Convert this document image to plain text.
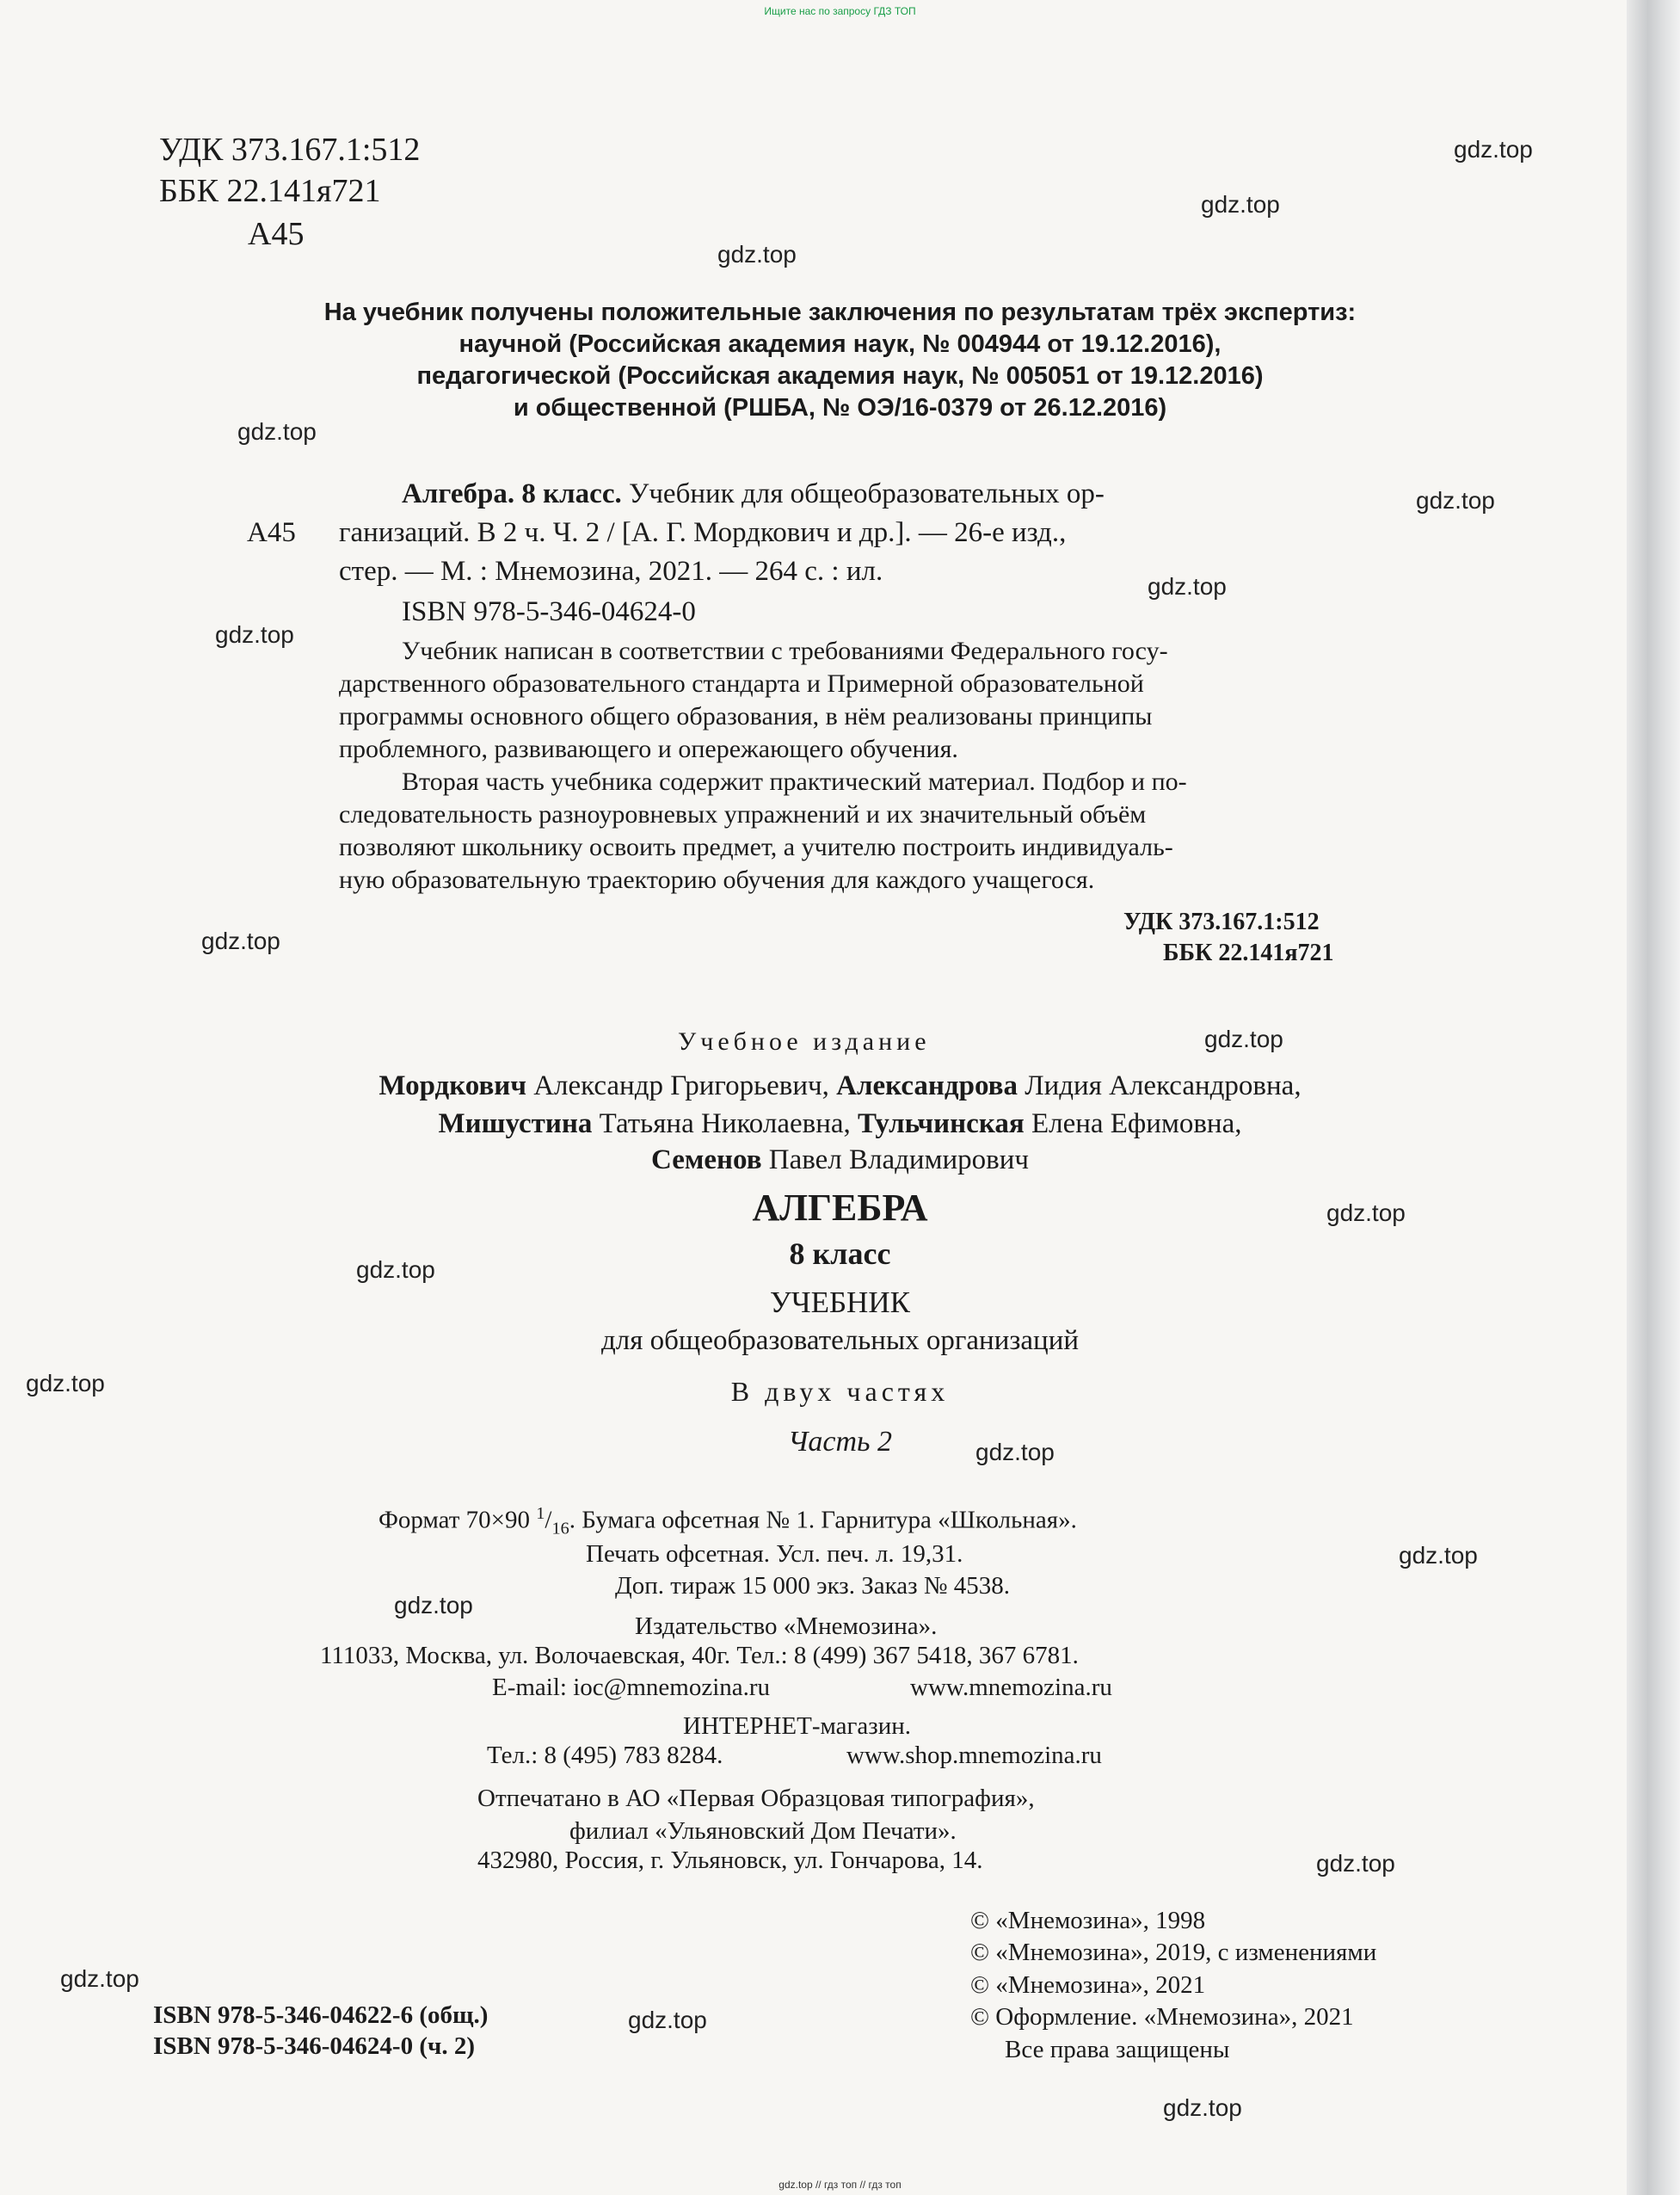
Ищите нас по запросу ГДЗ ТОП
УДК 373.167.1:512
ББК 22.141я721
А45
На учебник получены положительные заключения по результатам трёх экспертиз:
научной (Российская академия наук, № 004944 от 19.12.2016),
педагогической (Российская академия наук, № 005051 от 19.12.2016)
и общественной (РШБА, № ОЭ/16-0379 от 26.12.2016)
А45
Алгебра. 8 класс. Учебник для общеобразовательных ор-
ганизаций. В 2 ч. Ч. 2 / [А. Г. Мордкович и др.]. — 26-е изд.,
стер. — М. : Мнемозина, 2021. — 264 с. : ил.
ISBN 978-5-346-04624-0
Учебник написан в соответствии с требованиями Федерального госу-
дарственного образовательного стандарта и Примерной образовательной
программы основного общего образования, в нём реализованы принципы
проблемного, развивающего и опережающего обучения.
Вторая часть учебника содержит практический материал. Подбор и по-
следовательность разноуровневых упражнений и их значительный объём
позволяют школьнику освоить предмет, а учителю построить индивидуаль-
ную образовательную траекторию обучения для каждого учащегося.
УДК 373.167.1:512
ББК 22.141я721
Учебное издание
Мордкович Александр Григорьевич, Александрова Лидия Александровна,
Мишустина Татьяна Николаевна, Тульчинская Елена Ефимовна,
Семенов Павел Владимирович
АЛГЕБРА
8 класс
УЧЕБНИК
для общеобразовательных организаций
В двух частях
Часть 2
Формат 70×90 $^1/_{16}$. Бумага офсетная № 1. Гарнитура «Школьная».
Печать офсетная. Усл. печ. л. 19,31.
Доп. тираж 15 000 экз. Заказ № 4538.
Издательство «Мнемозина».
111033, Москва, ул. Волочаевская, 40г. Тел.: 8 (499) 367 5418, 367 6781.
E-mail: ioc@mnemozina.ru	www.mnemozina.ru
ИНТЕРНЕТ-магазин.
Тел.: 8 (495) 783 8284.	www.shop.mnemozina.ru
Отпечатано в АО «Первая Образцовая типография»,
филиал «Ульяновский Дом Печати».
432980, Россия, г. Ульяновск, ул. Гончарова, 14.
© «Мнемозина», 1998
© «Мнемозина», 2019, с изменениями
© «Мнемозина», 2021
© Оформление. «Мнемозина», 2021
Все права защищены
ISBN 978-5-346-04622-6 (общ.)
ISBN 978-5-346-04624-0 (ч. 2)
gdz.top
gdz.top
gdz.top
gdz.top
gdz.top
gdz.top
gdz.top
gdz.top
gdz.top
gdz.top
gdz.top
gdz.top
gdz.top
gdz.top
gdz.top
gdz.top
gdz.top
gdz.top
gdz.top
gdz.top // гдз топ // гдз топ
